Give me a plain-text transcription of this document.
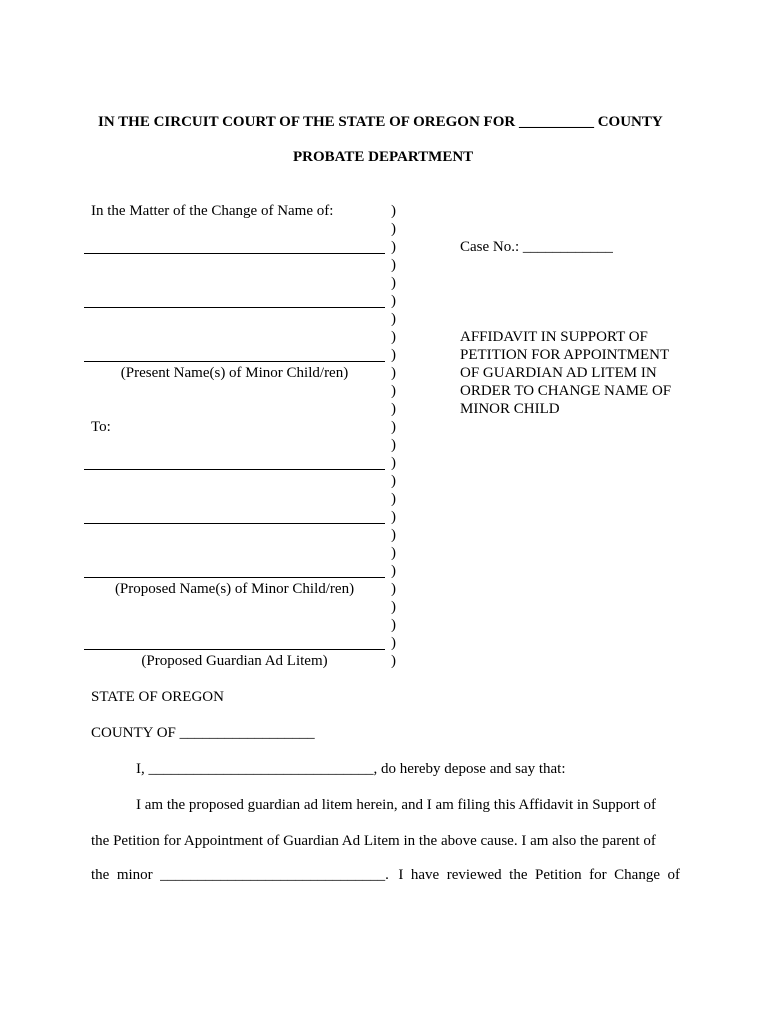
IN THE CIRCUIT COURT OF THE STATE OF OREGON FOR __________ COUNTY
PROBATE DEPARTMENT
In the Matter of the Change of Name of:
(Present Name(s) of Minor Child/ren)
To:
(Proposed Name(s) of Minor Child/ren)
(Proposed Guardian Ad Litem)
)
)
)
)
)
)
)
)
)
)
)
)
)
)
)
)
)
)
)
)
)
)
)
)
)
)
Case No.: ____________
AFFIDAVIT IN SUPPORT OF
PETITION FOR APPOINTMENT
OF GUARDIAN AD LITEM IN
ORDER TO CHANGE NAME OF
MINOR CHILD
STATE OF OREGON
COUNTY OF __________________
I, ______________________________, do hereby depose and say that:
I am the proposed guardian ad litem herein, and I am filing this Affidavit in Support of
the Petition for Appointment of Guardian Ad Litem in the above cause. I am also the parent of
the  minor  ______________________________. I  have  reviewed  the  Petition  for  Change  of
